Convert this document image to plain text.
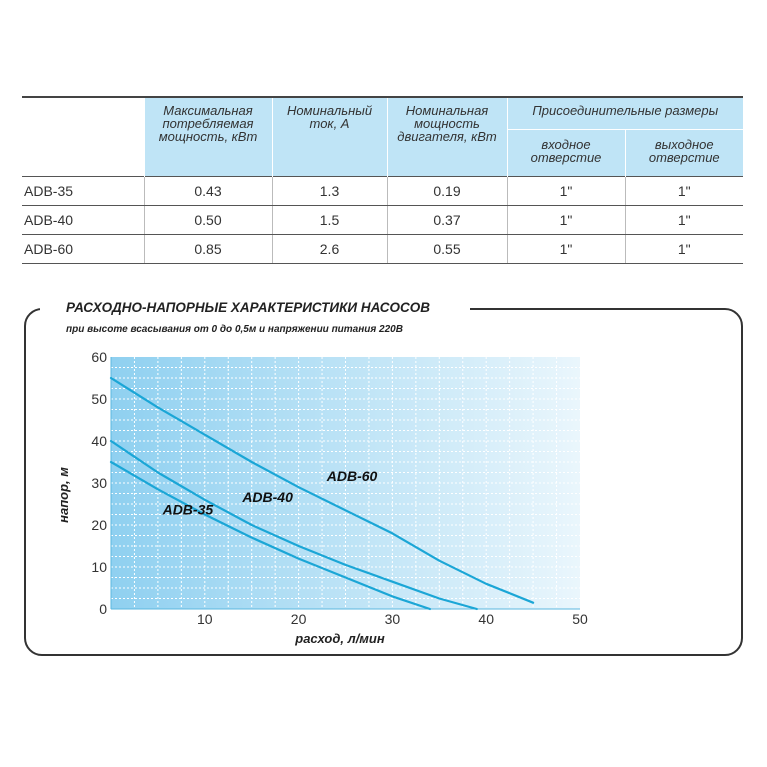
	Максимальная потребляемая мощность, кВт	Номинальный ток, А	Номинальная мощность двигателя, кВт	Присоединительные размеры	
				входное отверстие	выходное отверстие
ADB-35	0.43	1.3	0.19	1"	1"
ADB-40	0.50	1.5	0.37	1"	1"
ADB-60	0.85	2.6	0.55	1"	1"
РАСХОДНО-НАПОРНЫЕ ХАРАКТЕРИСТИКИ НАСОСОВ
при высоте всасывания от 0 до 0,5м и напряжении питания 220В
0
10
20
30
40
50
60
10	20	30	40	50
ADB-35
ADB-40
ADB-60
расход, л/мин
напор, м
